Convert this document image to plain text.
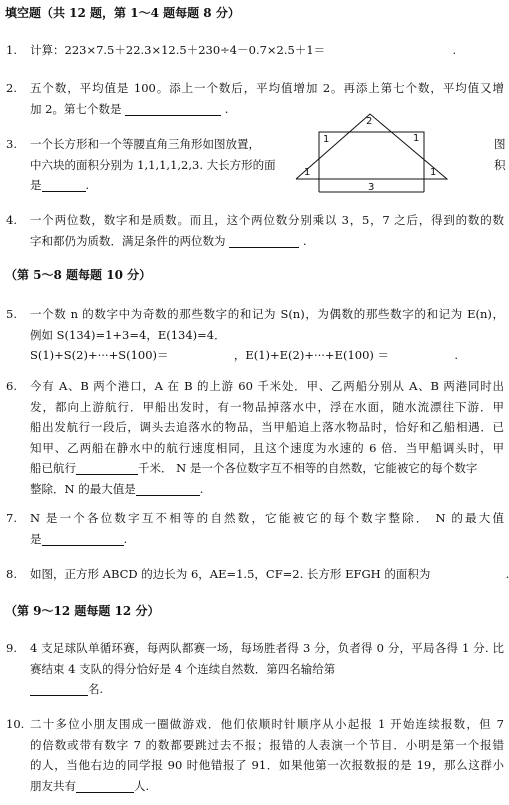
填空题（共 12 题，第 1～4 题每题 8 分）
1.	计算：223×7.5＋22.3×12.5＋230÷4－0.7×2.5＋1＝	.
2.	五个数，平均值是 100。添上一个数后，平均值增加 2。再添上第七个数，平均值又增
加 2。第七个数是	.
3.	一个长方形和一个等腰直角三角形如图放置，	图
中六块的面积分别为 1,1,1,1,2,3. 大长方形的面	积
是	.
2
1	1
1	1
3
4.	一个两位数，数字和是质数。而且，这个两位数分别乘以 3，5，7 之后，得到的数的数
字和都仍为质数．满足条件的两位数为	.
（第 5～8 题每题 10 分）
5.	一个数 n 的数字中为奇数的那些数字的和记为 S(n)，为偶数的那些数字的和记为 E(n)，
例如 S(134)=1+3=4，E(134)=4．
S(1)+S(2)+···+S(100)＝	，E(1)+E(2)+···+E(100) ＝	.
6.	今有 A、B 两个港口，A 在 B 的上游 60 千米处．甲、乙两船分别从 A、B 两港同时出
发，都向上游航行．甲船出发时，有一物品掉落水中，浮在水面，随水流漂往下游．甲
船出发航行一段后，调头去追落水的物品，当甲船追上落水物品时，恰好和乙船相遇．已
知甲、乙两船在静水中的航行速度相同，且这个速度为水速的 6 倍．当甲船调头时，甲
船已航行	千米． N 是一个各位数字互不相等的自然数，它能被它的每个数字
整除．N 的最大值是	.
7.	N 是一个各位数字互不相等的自然数，它能被它的每个数字整除． N 的最大值
是	.
8.	如图，正方形 ABCD 的边长为 6，AE=1.5，CF=2. 长方形 EFGH 的面积为	.
（第 9～12 题每题 12 分）
9.	4 支足球队单循环赛，每两队都赛一场，每场胜者得 3 分，负者得 0 分，平局各得 1 分. 比
赛结束 4 支队的得分恰好是 4 个连续自然数．第四名输给第
名.
10. 二十多位小朋友围成一圈做游戏．他们依顺时针顺序从小起报 1 开始连续报数，但 7
的倍数或带有数字 7 的数都要跳过去不报；报错的人表演一个节目．小明是第一个报错
的人，当他右边的同学报 90 时他错报了 91．如果他第一次报数报的是 19，那么这群小
朋友共有	人.
